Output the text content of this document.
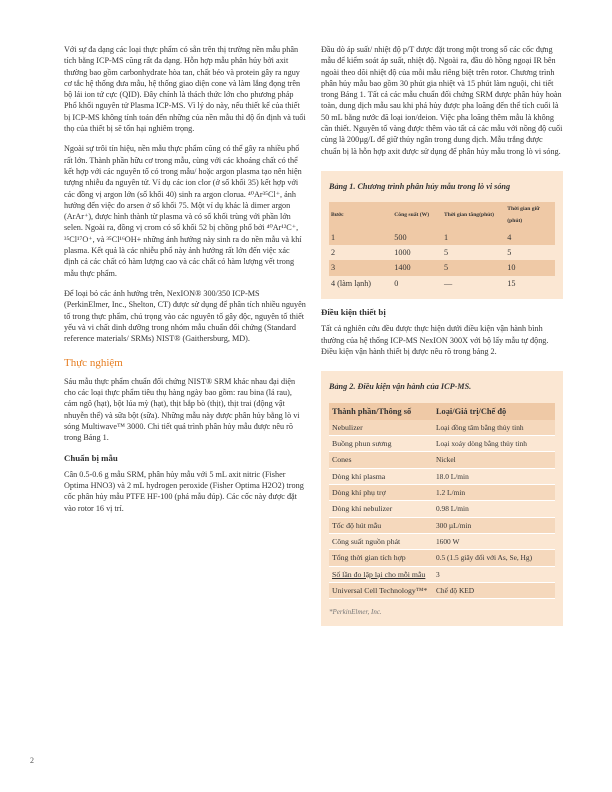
Với sự đa dạng các loại thực phẩm có sẵn trên thị trường nền mẫu phân tích bằng ICP-MS cũng rất đa dạng. Hỗn hợp mẫu phân hủy bởi axit thường bao gồm carbonhydrate hòa tan, chất béo và protein gây ra nguy cơ tắc hệ thống đưa mẫu, hệ thống giao diện cone và làm lắng đọng trên bộ lái ion tứ cực (QID). Đây chính là thách thức lớn cho phương pháp Phổ khối nguyên tử Plasma ICP-MS. Vì lý do này, nếu thiết kế của thiết bị ICP-MS không tính toán đến những của nền mẫu thì độ ổn định và tuổi thọ của thiết bị sẽ tốn hại nghiêm trọng.

Ngoài sự trôi tín hiệu, nền mẫu thực phẩm cũng có thể gây ra nhiều phổ rất lớn. Thành phần hữu cơ trong mẫu, cùng với các khoáng chất có thể kết hợp với các nguyên tố có trong mẫu/ hoặc argon plasma tạo nên hiện tượng nhiễu đa nguyên tử. Ví dụ các ion clor (ở số khối 35) kết hợp với các đồng vị argon lớn (số khối 40) sinh ra argon clorua. ⁴⁰Ar³⁵Cl⁺, ảnh hưởng đến việc đo arsen ở số khối 75. Một ví dụ khác là dimer argon (ArAr⁺), được hình thành từ plasma và có số khối trùng với phần lớn selen. Ngoài ra, đồng vị crom có số khối 52 bị chồng phổ bởi ⁴⁰Ar¹²C⁺, ³⁵Cl¹⁷O⁺, và ³⁵Cl¹⁶OH+ những ảnh hưởng này sinh ra do nền mẫu và khí plasma. Kết quả là các nhiễu phổ này ảnh hưởng rất lớn đến việc xác định cả các chất có hàm lượng cao và các chất có hàm lượng vết trong mẫu thực phẩm.

Để loại bỏ các ảnh hưởng trên, NexION® 300/350 ICP-MS (PerkinElmer, Inc., Shelton, CT) được sử dụng để phân tích nhiều nguyên tố trong thực phẩm, chú trọng vào các nguyên tố gây độc, nguyên tố thiết yếu và vi chất dinh dưỡng trong nhóm mẫu chuẩn đối chứng (Standard reference materials/ SRMs) NIST® (Gaithersburg, MD).

Thực nghiệm

Sáu mẫu thực phẩm chuẩn đối chứng NIST® SRM khác nhau đại diện cho các loại thực phẩm tiêu thụ hàng ngày bao gồm: rau bina (lá rau), cám ngô (hạt), bột lúa mỳ (hạt), thịt bắp bò (thịt), thịt trai (động vật nhuyễn thể) và sữa bột (sữa). Những mẫu này được phân hủy bằng lò vi sóng Multiwave™ 3000. Chi tiết quá trình phân hủy mẫu được nêu rõ trong Bảng 1.

Chuẩn bị mẫu

Cân 0.5-0.6 g mẫu SRM, phân hủy mẫu với 5 mL axit nitric (Fisher Optima HNO3) và 2 mL hydrogen peroxide (Fisher Optima H2O2) trong cốc phân hủy mẫu PTFE HF-100 (phá mẫu đúp). Các cốc này được đặt vào rotor 16 vị trí.

Đầu dò áp suất/ nhiệt độ p/T được đặt trong một trong số các cốc đựng mẫu để kiểm soát áp suất, nhiệt độ. Ngoài ra, đầu dò hồng ngoại IR bên ngoài theo dõi nhiệt độ của mỗi mẫu riêng biệt trên rotor. Chương trình phân hủy mẫu bao gồm 30 phút gia nhiệt và 15 phút làm nguội, chi tiết trong Bảng 1. Tất cả các mẫu chuẩn đối chứng SRM được phân hủy hoàn toàn, dung dịch mẫu sau khi phá hủy được pha loãng đến thể tích cuối là 50 mL bằng nước đã loại ion/deion. Việc pha loãng thêm mẫu là không cần thiết. Nguyên tố vàng được thêm vào tất cả các mẫu với nồng độ cuối cùng là 200µg/L để giữ thủy ngân trong dung dịch. Mẫu trắng được chuẩn bị là hỗn hợp axit được sử dụng để phân hủy mẫu trong lò vi sóng.

Bảng 1. Chương trình phân hủy mẫu trong lò vi sóng
Bước	Công suất (W)	Thời gian tăng(phút)	Thời gian giữ (phút)
1	500	1	4
2	1000	5	5
3	1400	5	10
4 (làm lạnh)	0	—	15
Điều kiện thiết bị

Tất cả nghiên cứu đều được thực hiện dưới điều kiện vận hành bình thường của hệ thống ICP-MS NexION 300X với bộ lấy mẫu tự động. Điều kiện vận hành thiết bị được nêu rõ trong bảng 2.

Bảng 2. Điều kiện vận hành của ICP-MS.
Thành phần/Thông số	Loại/Giá trị/Chế độ
Nebulizer	Loại đồng tâm bằng thủy tinh
Buồng phun sương	Loại xoáy dòng bằng thủy tinh
Cones	Nickel
Dòng khí plasma	18.0 L/min
Dòng khí phụ trợ	1.2 L/min
Dòng khí nebulizer	0.98 L/min
Tốc độ hút mẫu	300 µL/min
Công suất nguồn phát	1600 W
Tổng thời gian tích hợp	0.5 (1.5 giây đối với As, Se, Hg)
Số lần đo lặp lại cho mỗi mẫu	3
Universal Cell Technology™*	Chế độ KED
*PerkinElmer, Inc.
2
